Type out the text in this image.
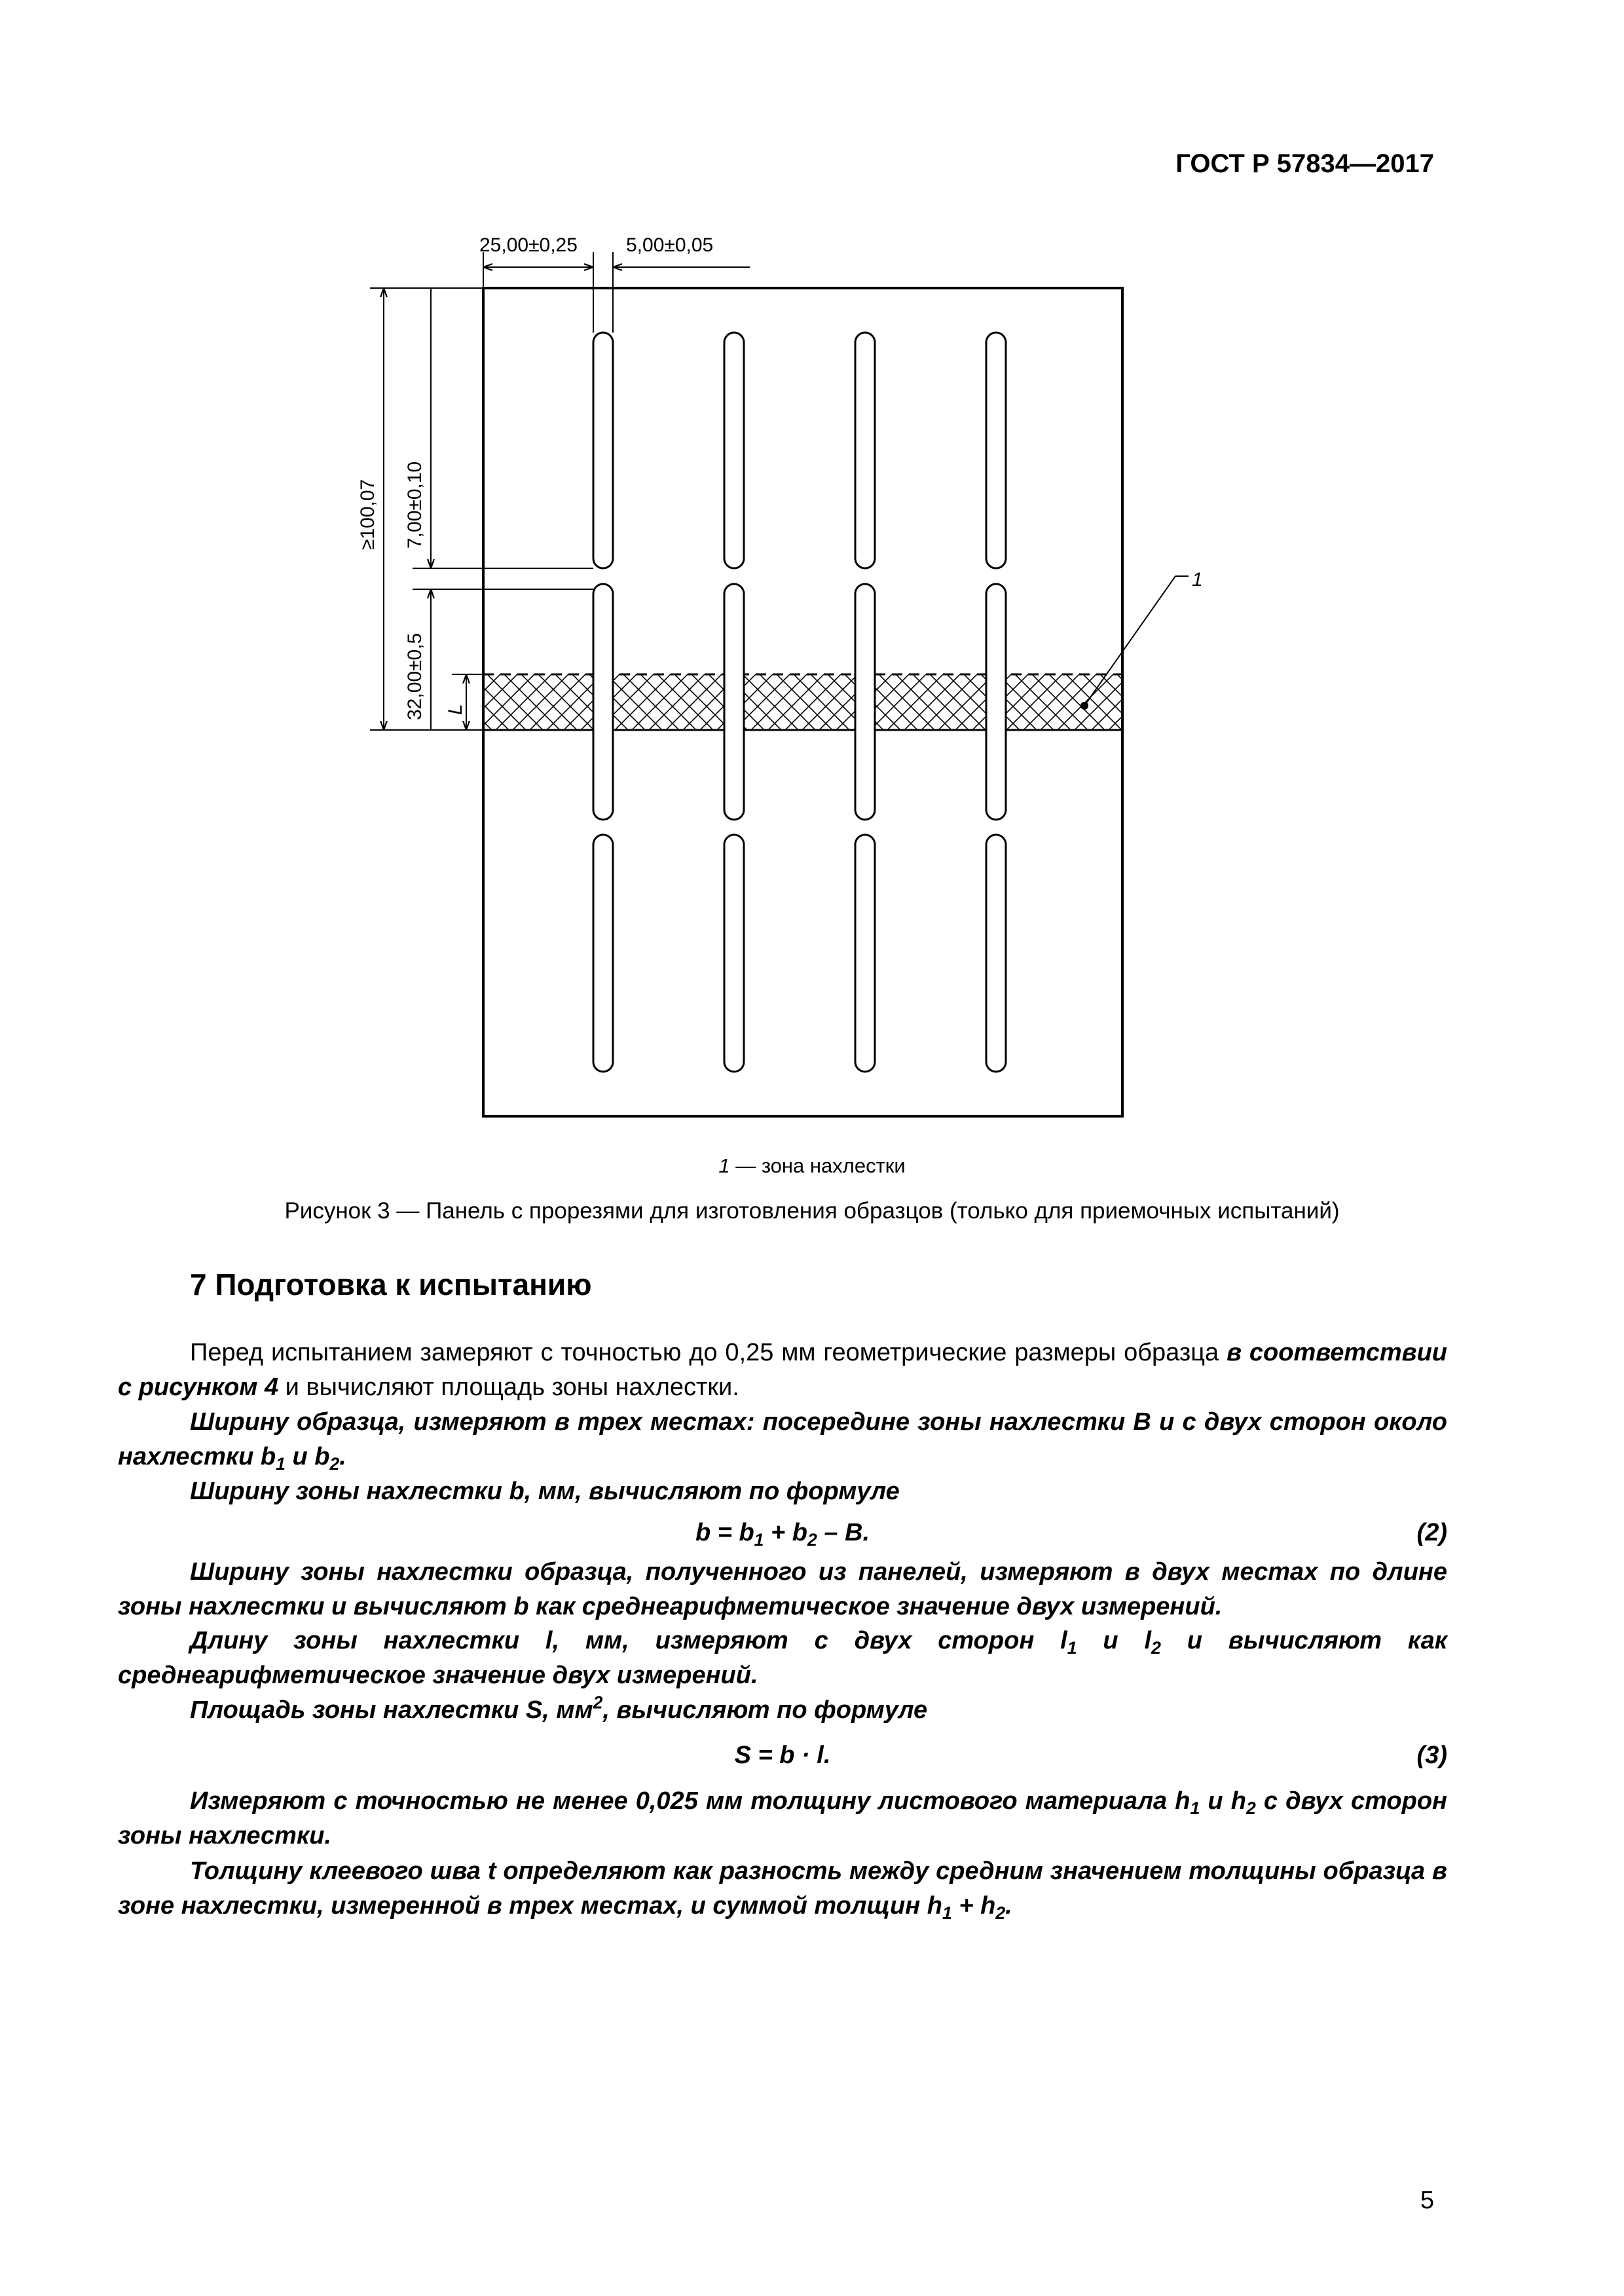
ГОСТ Р 57834—2017
25,00±0,25 5,00±0,05
≥100,07 7,00±0,10
32,00±0,5 L
1
1 — зона нахлестки
Рисунок 3 — Панель с прорезями для изготовления образцов (только для приемочных испытаний)
7 Подготовка к испытанию
Перед испытанием замеряют с точностью до 0,25 мм геометрические размеры образца в соответствии с рисунком 4 и вычисляют площадь зоны нахлестки.
Ширину образца, измеряют в трех местах: посередине зоны нахлестки B и с двух сторон около нахлестки $b_1$ и $b_2$.
Ширину зоны нахлестки b, мм, вычисляют по формуле
$b = b_1 + b_2 - B$.	(2)
Ширину зоны нахлестки образца, полученного из панелей, измеряют в двух местах по длине зоны нахлестки и вычисляют b как среднеарифметическое значение двух измерений.
Длину зоны нахлестки l, мм, измеряют с двух сторон $l_1$ и $l_2$ и вычисляют как среднеарифметическое значение двух измерений.
Площадь зоны нахлестки S, $мм^2$, вычисляют по формуле
S = b · l.	(3)
Измеряют с точностью не менее 0,025 мм толщину листового материала $h_1$ и $h_2$ с двух сторон зоны нахлестки.
Толщину клеевого шва t определяют как разность между средним значением толщины образца в зоне нахлестки, измеренной в трех местах, и суммой толщин $h_1 + h_2$.
5
